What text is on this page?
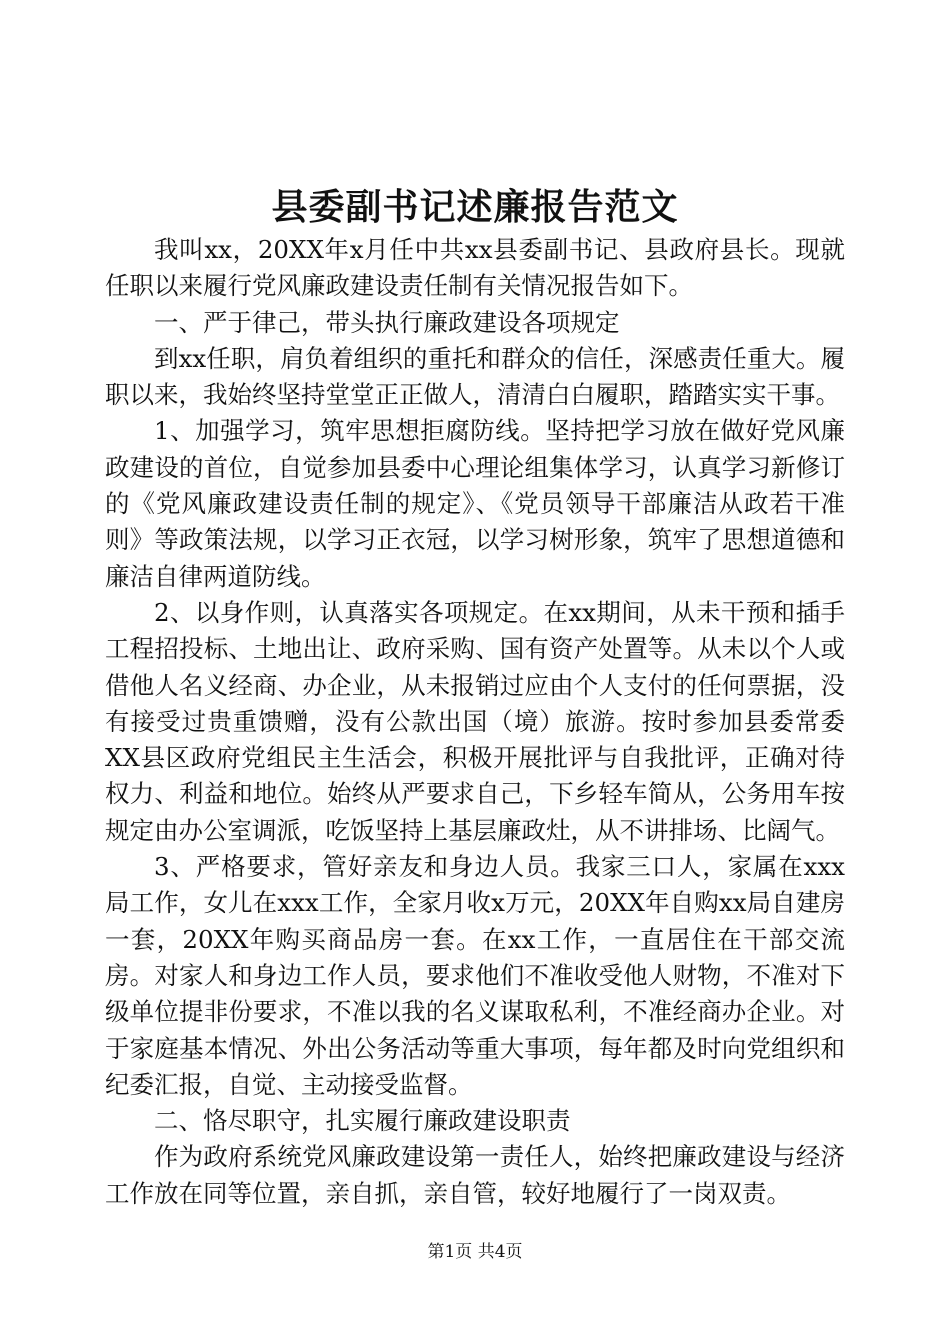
县委副书记述廉报告范文

我叫xx，20XX年x月任中共xx县委副书记、县政府县长。现就任职以来履行党风廉政建设责任制有关情况报告如下。

一、严于律己，带头执行廉政建设各项规定

到xx任职，肩负着组织的重托和群众的信任，深感责任重大。履职以来，我始终坚持堂堂正正做人，清清白白履职，踏踏实实干事。

1、加强学习，筑牢思想拒腐防线。坚持把学习放在做好党风廉政建设的首位，自觉参加县委中心理论组集体学习，认真学习新修订的《党风廉政建设责任制的规定》、《党员领导干部廉洁从政若干准则》等政策法规，以学习正衣冠，以学习树形象，筑牢了思想道德和廉洁自律两道防线。

2、以身作则，认真落实各项规定。在xx期间，从未干预和插手工程招投标、土地出让、政府采购、国有资产处置等。从未以个人或借他人名义经商、办企业，从未报销过应由个人支付的任何票据，没有接受过贵重馈赠，没有公款出国（境）旅游。按时参加县委常委XX县区政府党组民主生活会，积极开展批评与自我批评，正确对待权力、利益和地位。始终从严要求自己，下乡轻车简从，公务用车按规定由办公室调派，吃饭坚持上基层廉政灶，从不讲排场、比阔气。

3、严格要求，管好亲友和身边人员。我家三口人，家属在xxx局工作，女儿在xxx工作，全家月收x万元，20XX年自购xx局自建房一套，20XX年购买商品房一套。在xx工作，一直居住在干部交流房。对家人和身边工作人员，要求他们不准收受他人财物，不准对下级单位提非份要求，不准以我的名义谋取私利，不准经商办企业。对于家庭基本情况、外出公务活动等重大事项，每年都及时向党组织和纪委汇报，自觉、主动接受监督。

二、恪尽职守，扎实履行廉政建设职责

作为政府系统党风廉政建设第一责任人，始终把廉政建设与经济工作放在同等位置，亲自抓，亲自管，较好地履行了一岗双责。

第1页 共4页
